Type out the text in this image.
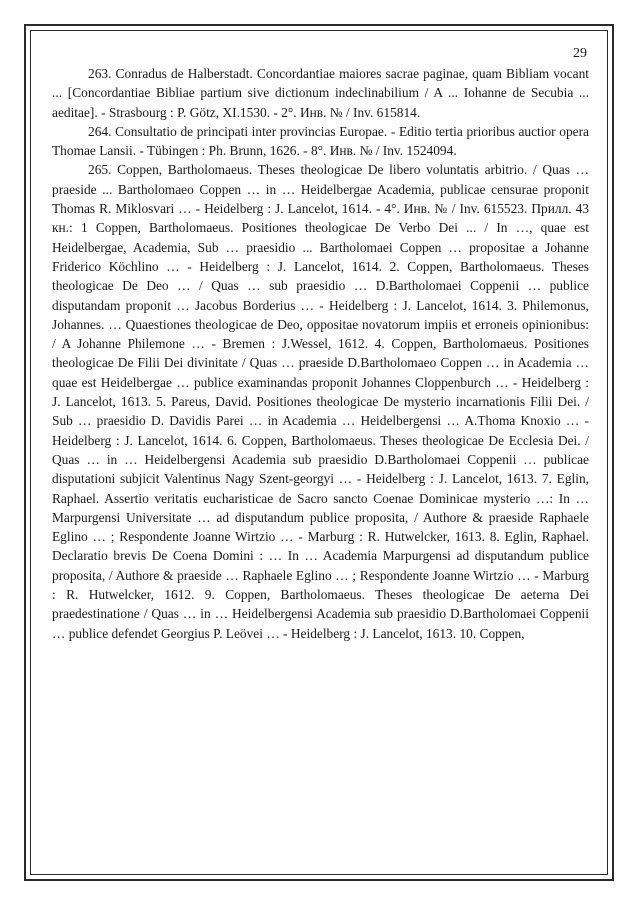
29

263. Conradus de Halberstadt. Concordantiae maiores sacrae paginae, quam Bibliam vocant ... [Concordantiae Bibliae partium sive dictionum indeclinabilium / A ... Iohanne de Secubia ... aeditae]. - Strasbourg : P. Götz, XI.1530. - 2°. Инв. № / Inv. 615814.

264. Consultatio de principati inter provincias Europae. - Editio tertia prioribus auctior opera Thomae Lansii. - Tübingen : Ph. Brunn, 1626. - 8°. Инв. № / Inv. 1524094.

265. Coppen, Bartholomaeus. Theses theologicae De libero voluntatis arbitrio. / Quas … praeside ... Bartholomaeo Coppen … in … Heidelbergae Academia, publicae censurae proponit Thomas R. Miklosvari … - Heidelberg : J. Lancelot, 1614. - 4°. Инв. № / Inv. 615523. Прилл. 43 кн.: 1 Coppen, Bartholomaeus. Positiones theologicae De Verbo Dei ... / In …, quae est Heidelbergae, Academia, Sub … praesidio ... Bartholomaei Coppen … propositae a Johanne Friderico Köchlino … - Heidelberg : J. Lancelot, 1614. 2. Coppen, Bartholomaeus. Theses theologicae De Deo … / Quas … sub praesidio … D.Bartholomaei Coppenii … publice disputandam proponit … Jacobus Borderius … - Heidelberg : J. Lancelot, 1614. 3. Philemonus, Johannes. … Quaestiones theologicae de Deo, oppositae novatorum impiis et erroneis opinionibus: / A Johanne Philemone … - Bremen : J.Wessel, 1612. 4. Coppen, Bartholomaeus. Positiones theologicae De Filii Dei divinitate / Quas … praeside D.Bartholomaeo Coppen … in Academia … quae est Heidelbergae … publice examinandas proponit Johannes Cloppenburch … - Heidelberg : J. Lancelot, 1613. 5. Pareus, David. Positiones theologicae De mysterio incarnationis Filii Dei. / Sub … praesidio D. Davidis Parei … in Academia … Heidelbergensi … A.Thoma Knoxio … - Heidelberg : J. Lancelot, 1614. 6. Coppen, Bartholomaeus. Theses theologicae De Ecclesia Dei. / Quas … in … Heidelbergensi Academia sub praesidio D.Bartholomaei Coppenii … publicae disputationi subjicit Valentinus Nagy Szent-georgyi … - Heidelberg : J. Lancelot, 1613. 7. Eglin, Raphael. Assertio veritatis eucharisticae de Sacro sancto Coenae Dominicae mysterio …: In … Marpurgensi Universitate … ad disputandum publice proposita, / Authore & praeside Raphaele Eglino … ; Respondente Joanne Wirtzio … - Marburg : R. Hutwelcker, 1613. 8. Eglin, Raphael. Declaratio brevis De Coena Domini : … In … Academia Marpurgensi ad disputandum publice proposita, / Authore & praeside … Raphaele Eglino … ; Respondente Joanne Wirtzio … - Marburg : R. Hutwelcker, 1612. 9. Coppen, Bartholomaeus. Theses theologicae De aeterna Dei praedestinatione / Quas … in … Heidelbergensi Academia sub praesidio D.Bartholomaei Coppenii … publice defendet Georgius P. Leövei … - Heidelberg : J. Lancelot, 1613. 10. Coppen,
